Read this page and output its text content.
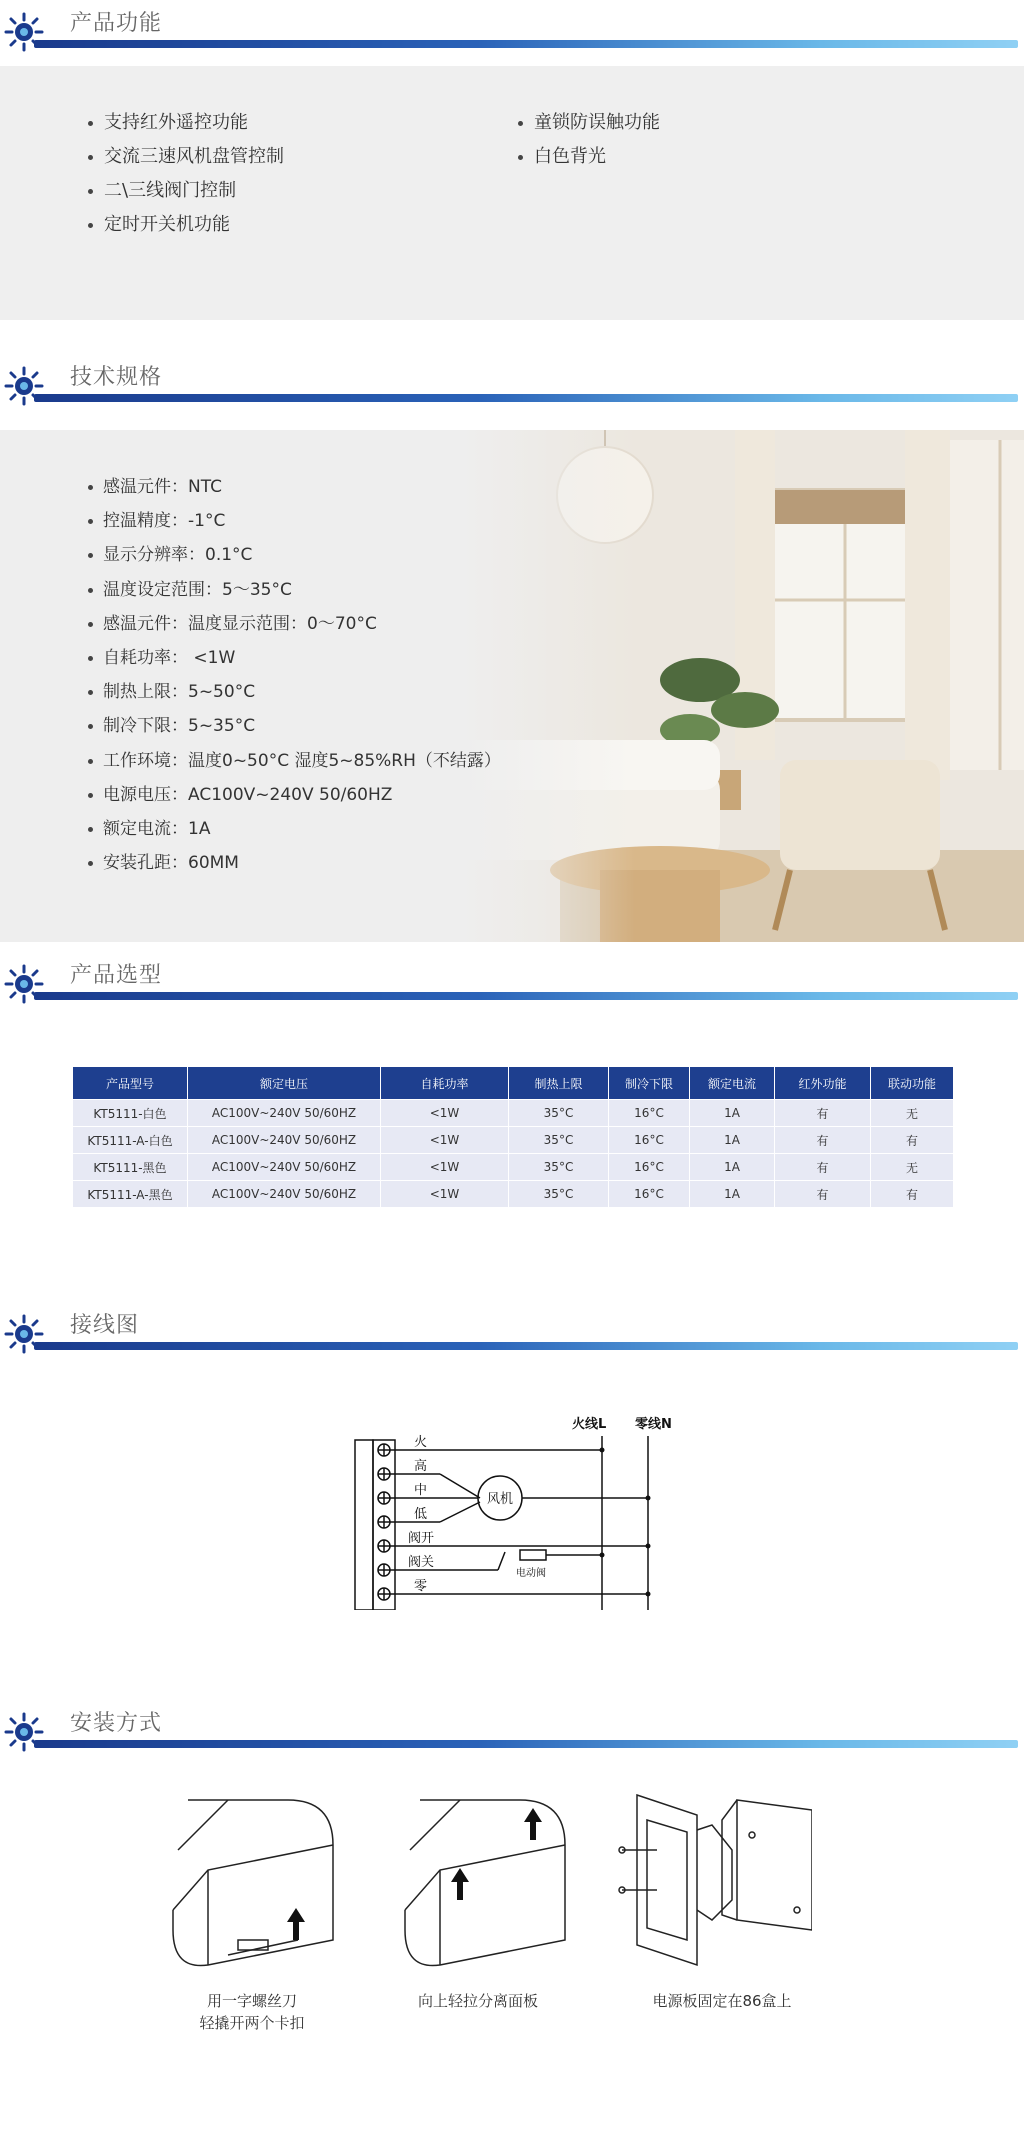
产品功能
支持红外遥控功能
交流三速风机盘管控制
二\三线阀门控制
定时开关机功能
童锁防误触功能
白色背光
技术规格
感温元件：NTC
控温精度：-1°C
显示分辨率：0.1°C
温度设定范围：5～35°C
感温元件：温度显示范围：0～70°C
自耗功率： <1W
制热上限：5~50°C
制冷下限：5~35°C
工作环境：温度0~50°C 湿度5~85%RH（不结露）
电源电压：AC100V~240V 50/60HZ
额定电流：1A
安装孔距：60MM
产品选型
产品型号	额定电压	自耗功率	制热上限	制冷下限	额定电流	红外功能	联动功能
KT5111-白色	AC100V~240V 50/60HZ	<1W	35°C	16°C	1A	有	无
KT5111-A-白色	AC100V~240V 50/60HZ	<1W	35°C	16°C	1A	有	有
KT5111-黑色	AC100V~240V 50/60HZ	<1W	35°C	16°C	1A	有	无
KT5111-A-黑色	AC100V~240V 50/60HZ	<1W	35°C	16°C	1A	有	有
接线图
火线L 零线N
火
高
中
低
阀开
阀关
零
风机
电动阀
安装方式
用一字螺丝刀
轻撬开两个卡扣
向上轻拉分离面板	电源板固定在86盒上
